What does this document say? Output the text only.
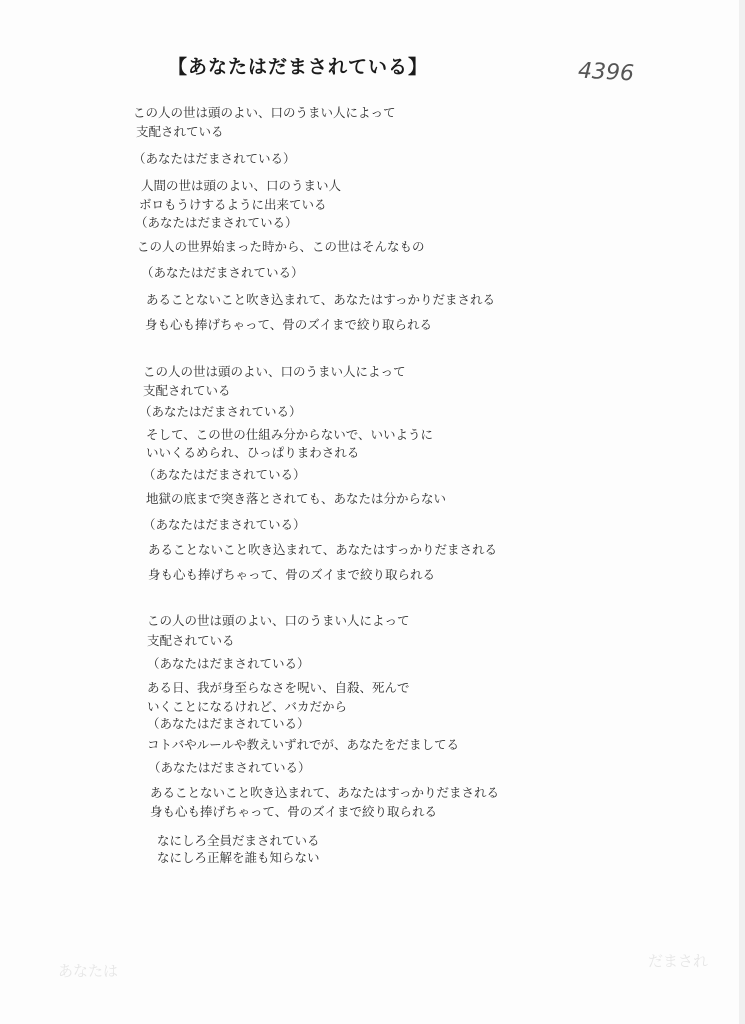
【あなたはだまされている】	4396
この人の世は頭のよい、口のうまい人によって
支配されている
（あなたはだまされている）
人間の世は頭のよい、口のうまい人
ボロもうけするように出来ている
（あなたはだまされている）
この人の世界始まった時から、この世はそんなもの
（あなたはだまされている）
あることないこと吹き込まれて、あなたはすっかりだまされる
身も心も捧げちゃって、骨のズイまで絞り取られる
この人の世は頭のよい、口のうまい人によって
支配されている
（あなたはだまされている）
そして、この世の仕組み分からないで、いいように
いいくるめられ、ひっぱりまわされる
（あなたはだまされている）
地獄の底まで突き落とされても、あなたは分からない
（あなたはだまされている）
あることないこと吹き込まれて、あなたはすっかりだまされる
身も心も捧げちゃって、骨のズイまで絞り取られる
この人の世は頭のよい、口のうまい人によって
支配されている
（あなたはだまされている）
ある日、我が身至らなさを呪い、自殺、死んで
いくことになるけれど、バカだから
（あなたはだまされている）
コトバやルールや教えいずれでが、あなたをだましてる
（あなたはだまされている）
あることないこと吹き込まれて、あなたはすっかりだまされる
身も心も捧げちゃって、骨のズイまで絞り取られる
なにしろ全員だまされている
なにしろ正解を誰も知らない
あなたは
だまされ
